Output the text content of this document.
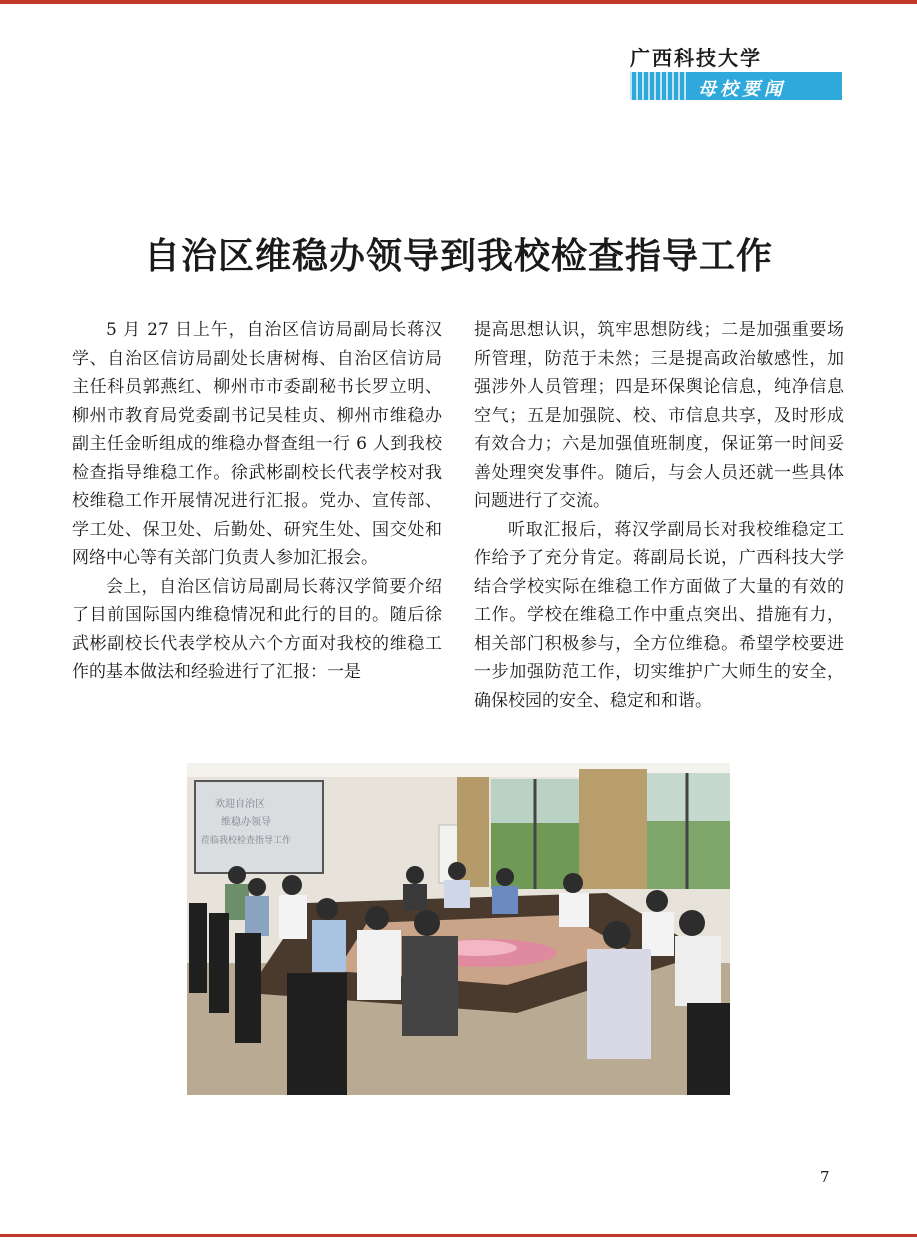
广西科技大学
母校要闻
自治区维稳办领导到我校检查指导工作

5 月 27 日上午，自治区信访局副局长蒋汉学、自治区信访局副处长唐树梅、自治区信访局主任科员郭燕红、柳州市市委副秘书长罗立明、柳州市教育局党委副书记吴桂贞、柳州市维稳办副主任金昕组成的维稳办督查组一行 6 人到我校检查指导维稳工作。徐武彬副校长代表学校对我校维稳工作开展情况进行汇报。党办、宣传部、学工处、保卫处、后勤处、研究生处、国交处和网络中心等有关部门负责人参加汇报会。

会上，自治区信访局副局长蒋汉学简要介绍了目前国际国内维稳情况和此行的目的。随后徐武彬副校长代表学校从六个方面对我校的维稳工作的基本做法和经验进行了汇报：一是

提高思想认识，筑牢思想防线；二是加强重要场所管理，防范于未然；三是提高政治敏感性，加强涉外人员管理；四是环保舆论信息，纯净信息空气；五是加强院、校、市信息共享，及时形成有效合力；六是加强值班制度，保证第一时间妥善处理突发事件。随后，与会人员还就一些具体问题进行了交流。

听取汇报后，蒋汉学副局长对我校维稳定工作给予了充分肯定。蒋副局长说，广西科技大学结合学校实际在维稳工作方面做了大量的有效的工作。学校在维稳工作中重点突出、措施有力，相关部门积极参与，全方位维稳。希望学校要进一步加强防范工作，切实维护广大师生的安全，确保校园的安全、稳定和和谐。

欢迎自治区
维稳办领导
莅临我校检查指导工作
7
